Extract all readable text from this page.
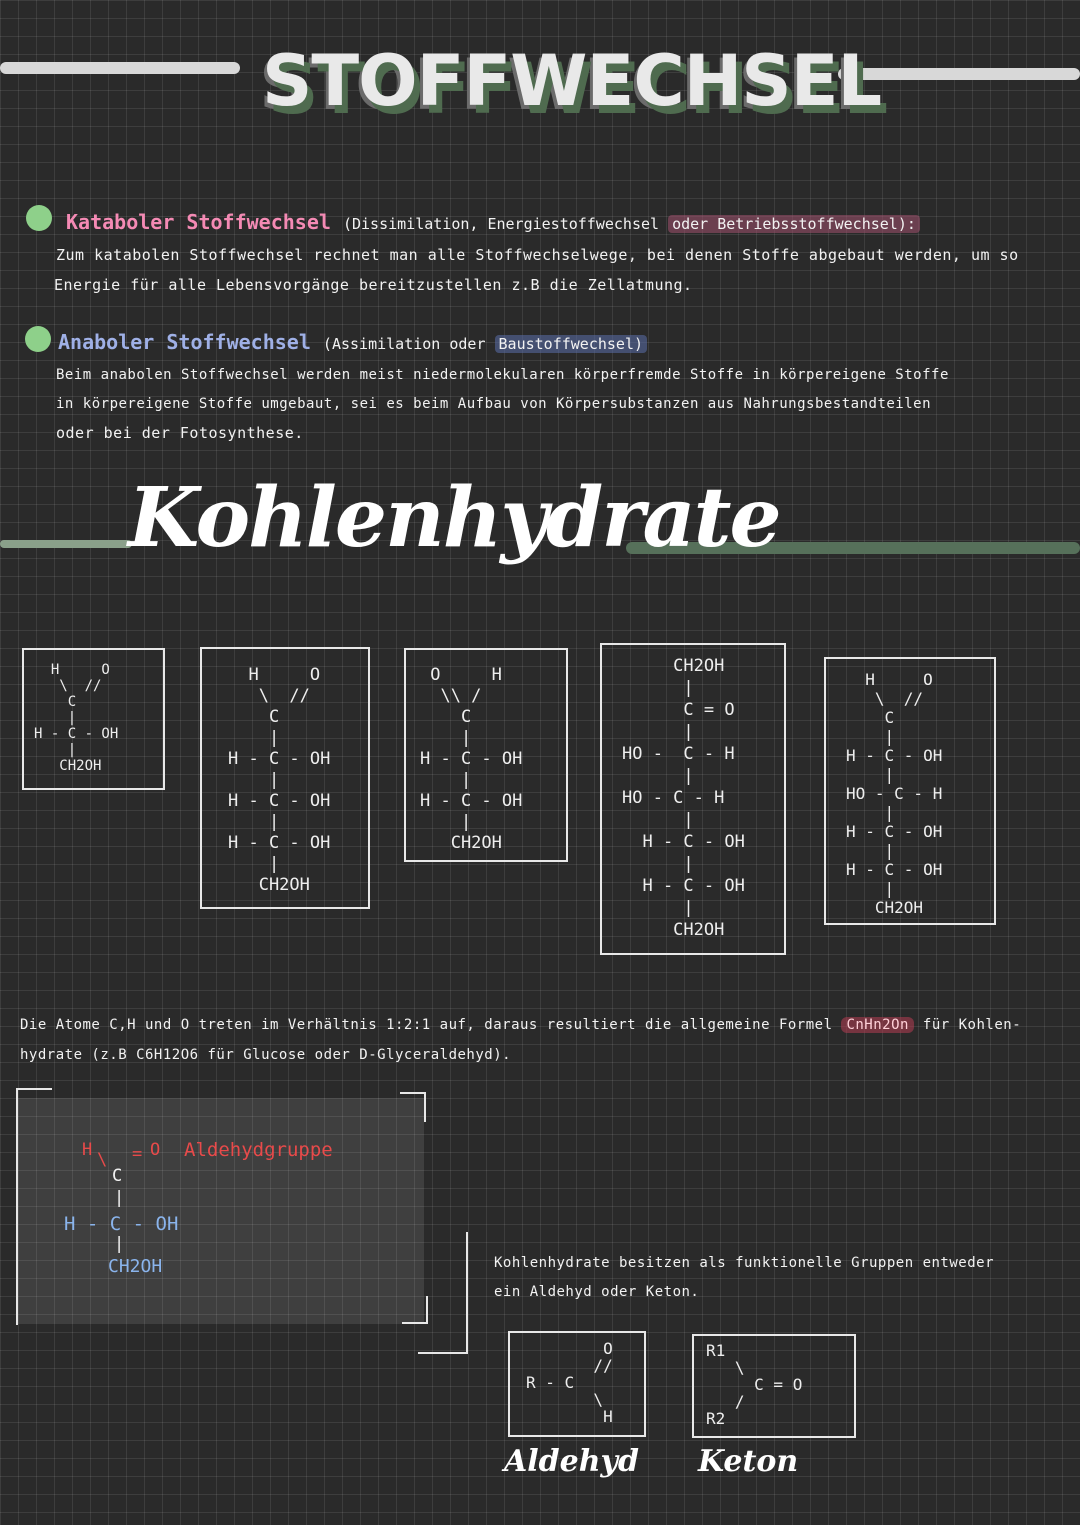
STOFFWECHSEL
Kataboler Stoffwechsel (Dissimilation, Energiestoffwechsel oder Betriebsstoffwechsel):
Zum katabolen Stoffwechsel rechnet man alle Stoffwechselwege, bei denen Stoffe abgebaut werden, um so
Energie für alle Lebensvorgänge bereitzustellen z.B die Zellatmung.
Anaboler Stoffwechsel (Assimilation oder Baustoffwechsel)
Beim anabolen Stoffwechsel werden meist niedermolekularen körperfremde Stoffe in körpereigene Stoffe
in körpereigene Stoffe umgebaut, sei es beim Aufbau von Körpersubstanzen aus Nahrungsbestandteilen
oder bei der Fotosynthese.
Kohlenhydrate
H     O
\  //
C
|
H - C - OH
|
CH2OH
H     O
\  //
C
|
H - C - OH
|
H - C - OH
|
H - C - OH
|
CH2OH
O     H
\\ /
C
|
H - C - OH
|
H - C - OH
|
CH2OH
CH2OH
|
C = O
|
HO -  C - H
|
HO - C - H
|
H - C - OH
|
H - C - OH
|
CH2OH
H     O
\  //
C
|
H - C - OH
|
HO - C - H
|
H - C - OH
|
H - C - OH
|
CH2OH
Die Atome C,H und O treten im Verhältnis 1:2:1 auf, daraus resultiert die allgemeine Formel CnHn2On für Kohlen-
hydrate (z.B C6H12O6 für Glucose oder D-Glyceraldehyd).
H \ = O Aldehydgruppe
C
|
H - C - OH
|
CH2OH	Kohlenhydrate besitzen als funktionelle Gruppen entweder
ein Aldehyd oder Keton.
O
//
R - C
\
H
R1
\
C = O
/
R2
Aldehyd Keton
